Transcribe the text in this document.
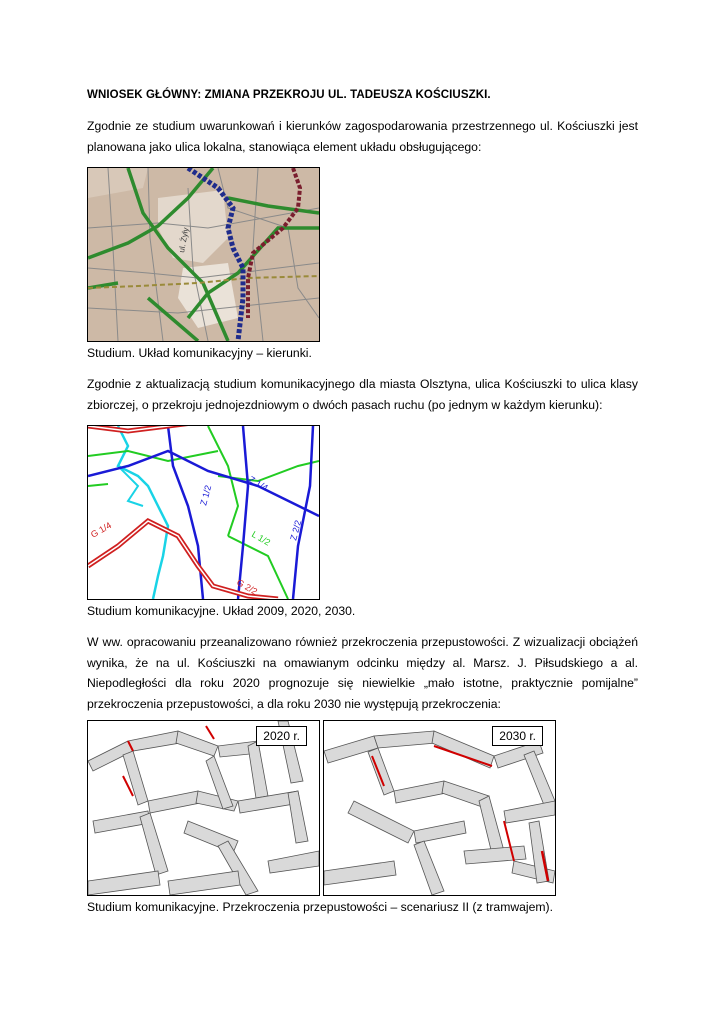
WNIOSEK GŁÓWNY: ZMIANA PRZEKROJU UL. TADEUSZA KOŚCIUSZKI.
Zgodnie ze studium uwarunkowań i kierunków zagospodarowania przestrzennego ul. Kościuszki jest planowana jako ulica lokalna, stanowiąca element układu obsługującego:
ul. Żyły
Studium. Układ komunikacyjny – kierunki.
Zgodnie z aktualizacją studium komunikacyjnego dla miasta Olsztyna, ulica Kościuszki to ulica klasy zbiorczej, o przekroju jednojezdniowym o dwóch pasach ruchu (po jednym w każdym kierunku):
G 1/4
Z 1/2
Z 1/4
Z 2/2
L 1/2
G 2/2
Studium komunikacyjne. Układ 2009, 2020, 2030.
W ww. opracowaniu przeanalizowano również przekroczenia przepustowości. Z wizualizacji obciążeń wynika, że na ul. Kościuszki na omawianym odcinku między al. Marsz. J. Piłsudskiego a al. Niepodległości dla roku 2020 prognozuje się niewielkie „mało istotne, praktycznie pomijalne” przekroczenia przepustowości, a dla roku 2030 nie występują przekroczenia:
2020 r.	2030 r.
Studium komunikacyjne. Przekroczenia przepustowości – scenariusz II (z tramwajem).
